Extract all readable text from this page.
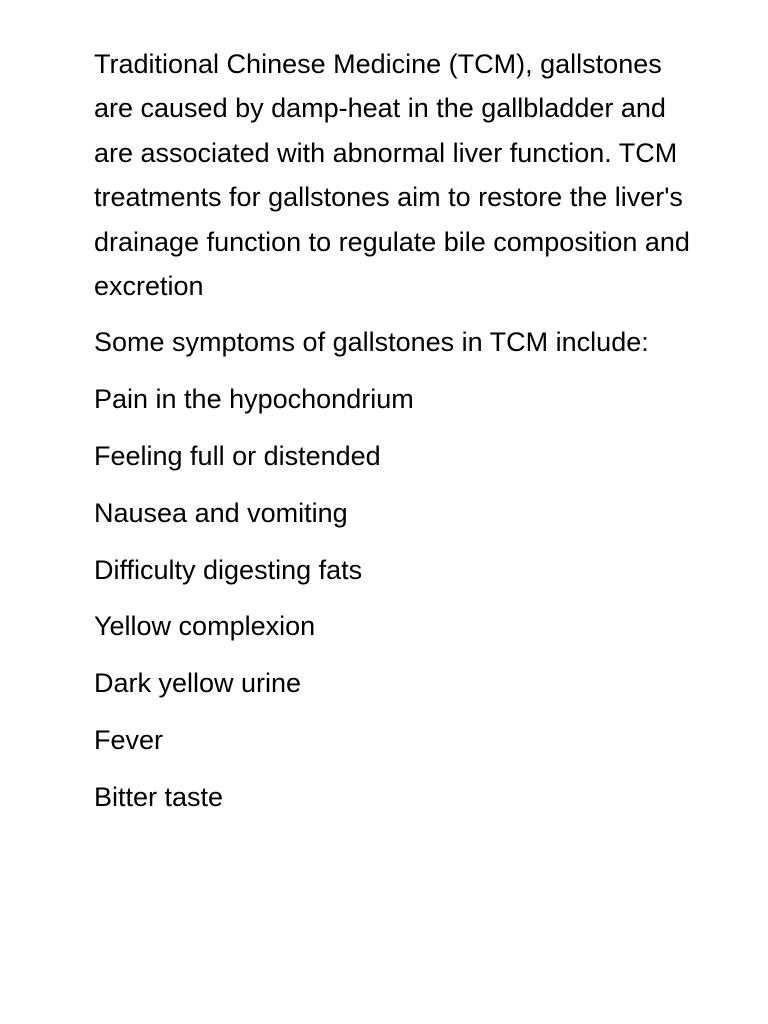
Traditional Chinese Medicine (TCM), gallstones are caused by damp-heat in the gallbladder and are associated with abnormal liver function. TCM treatments for gallstones aim to restore the liver's drainage function to regulate bile composition and excretion

Some symptoms of gallstones in TCM include:

Pain in the hypochondrium
Feeling full or distended
Nausea and vomiting
Difficulty digesting fats
Yellow complexion
Dark yellow urine
Fever
Bitter taste
